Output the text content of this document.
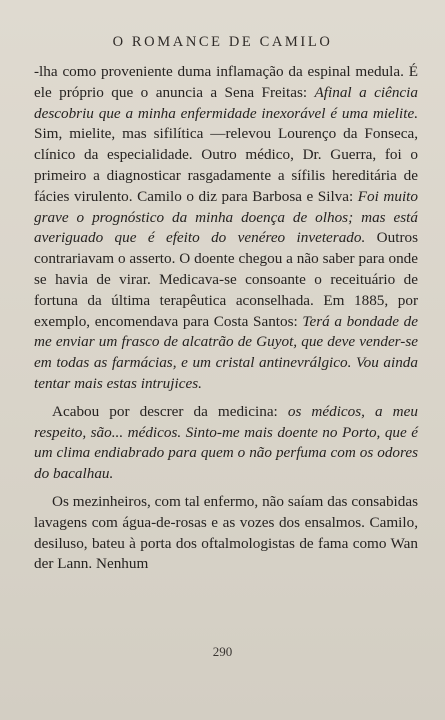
O ROMANCE DE CAMILO

-lha como proveniente duma inflamação da espinal medula. É ele próprio que o anuncia a Sena Freitas: Afinal a ciência descobriu que a minha enfermidade inexorável é uma mielite. Sim, mielite, mas sifilítica —relevou Lourenço da Fonseca, clínico da especialidade. Outro médico, Dr. Guerra, foi o primeiro a diagnosticar rasgadamente a sífilis hereditária de fácies virulento. Camilo o diz para Barbosa e Silva: Foi muito grave o prognóstico da minha doença de olhos; mas está averiguado que é efeito do venéreo inveterado. Outros contrariavam o asserto. O doente chegou a não saber para onde se havia de virar. Medicava-se consoante o receituário de fortuna da última terapêutica aconselhada. Em 1885, por exemplo, encomendava para Costa Santos: Terá a bondade de me enviar um frasco de alcatrão de Guyot, que deve vender-se em todas as farmácias, e um cristal antinevrálgico. Vou ainda tentar mais estas intrujices.

Acabou por descrer da medicina: os médicos, a meu respeito, são... médicos. Sinto-me mais doente no Porto, que é um clima endiabrado para quem o não perfuma com os odores do bacalhau.

Os mezinheiros, com tal enfermo, não saíam das consabidas lavagens com água-de-rosas e as vozes dos ensalmos. Camilo, desiluso, bateu à porta dos oftalmologistas de fama como Wan der Lann. Nenhum

290
